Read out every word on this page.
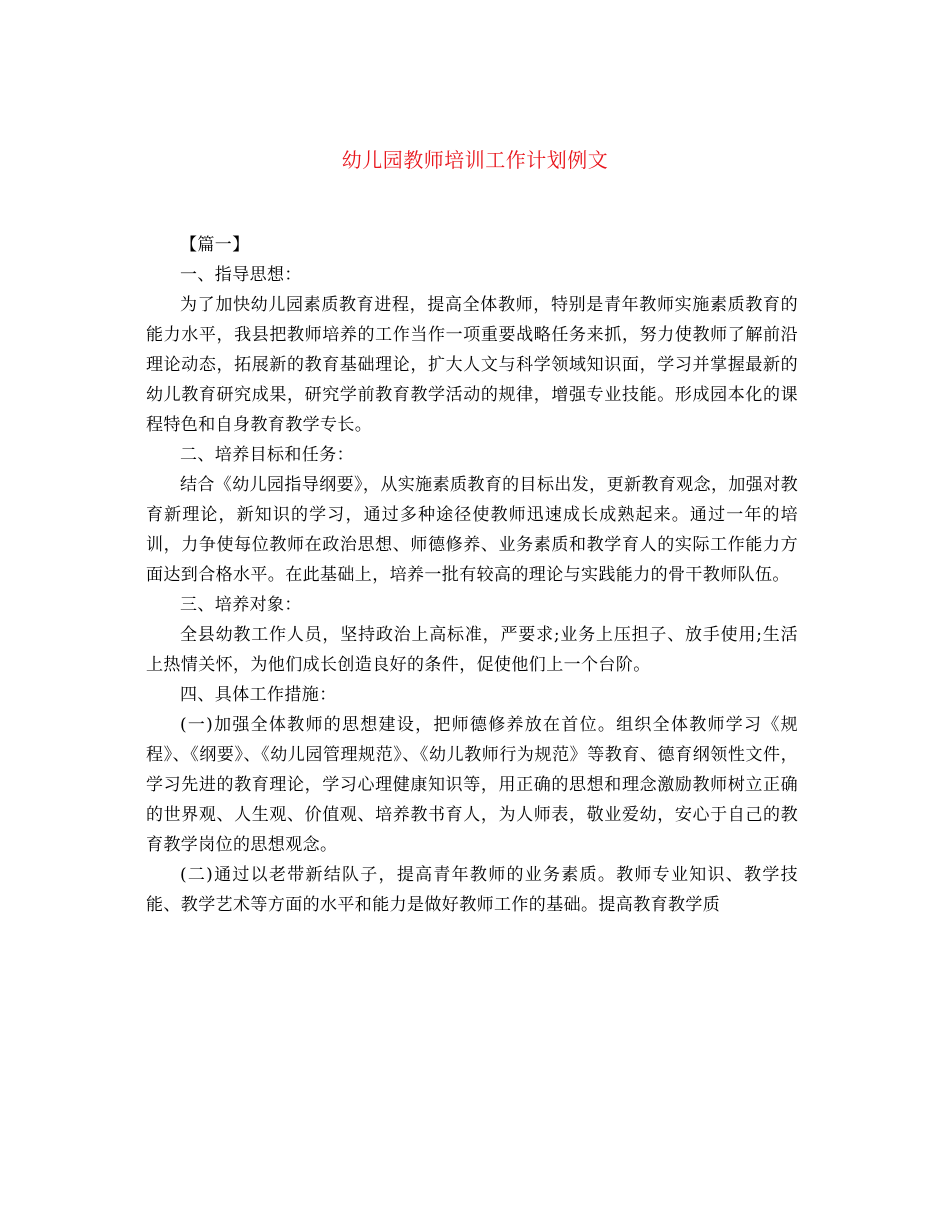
幼儿园教师培训工作计划例文

【篇一】

一、指导思想：

为了加快幼儿园素质教育进程，提高全体教师，特别是青年教师实施素质教育的能力水平，我县把教师培养的工作当作一项重要战略任务来抓，努力使教师了解前沿理论动态，拓展新的教育基础理论，扩大人文与科学领域知识面，学习并掌握最新的幼儿教育研究成果，研究学前教育教学活动的规律，增强专业技能。形成园本化的课程特色和自身教育教学专长。

二、培养目标和任务：

结合《幼儿园指导纲要》，从实施素质教育的目标出发，更新教育观念，加强对教育新理论，新知识的学习，通过多种途径使教师迅速成长成熟起来。通过一年的培训，力争使每位教师在政治思想、师德修养、业务素质和教学育人的实际工作能力方面达到合格水平。在此基础上，培养一批有较高的理论与实践能力的骨干教师队伍。

三、培养对象：

全县幼教工作人员，坚持政治上高标准，严要求;业务上压担子、放手使用;生活上热情关怀，为他们成长创造良好的条件，促使他们上一个台阶。

四、具体工作措施：

(一)加强全体教师的思想建设，把师德修养放在首位。组织全体教师学习《规程》、《纲要》、《幼儿园管理规范》、《幼儿教师行为规范》等教育、德育纲领性文件，学习先进的教育理论，学习心理健康知识等，用正确的思想和理念激励教师树立正确的世界观、人生观、价值观、培养教书育人，为人师表，敬业爱幼，安心于自己的教育教学岗位的思想观念。

(二)通过以老带新结队子，提高青年教师的业务素质。教师专业知识、教学技能、教学艺术等方面的水平和能力是做好教师工作的基础。提高教育教学质
